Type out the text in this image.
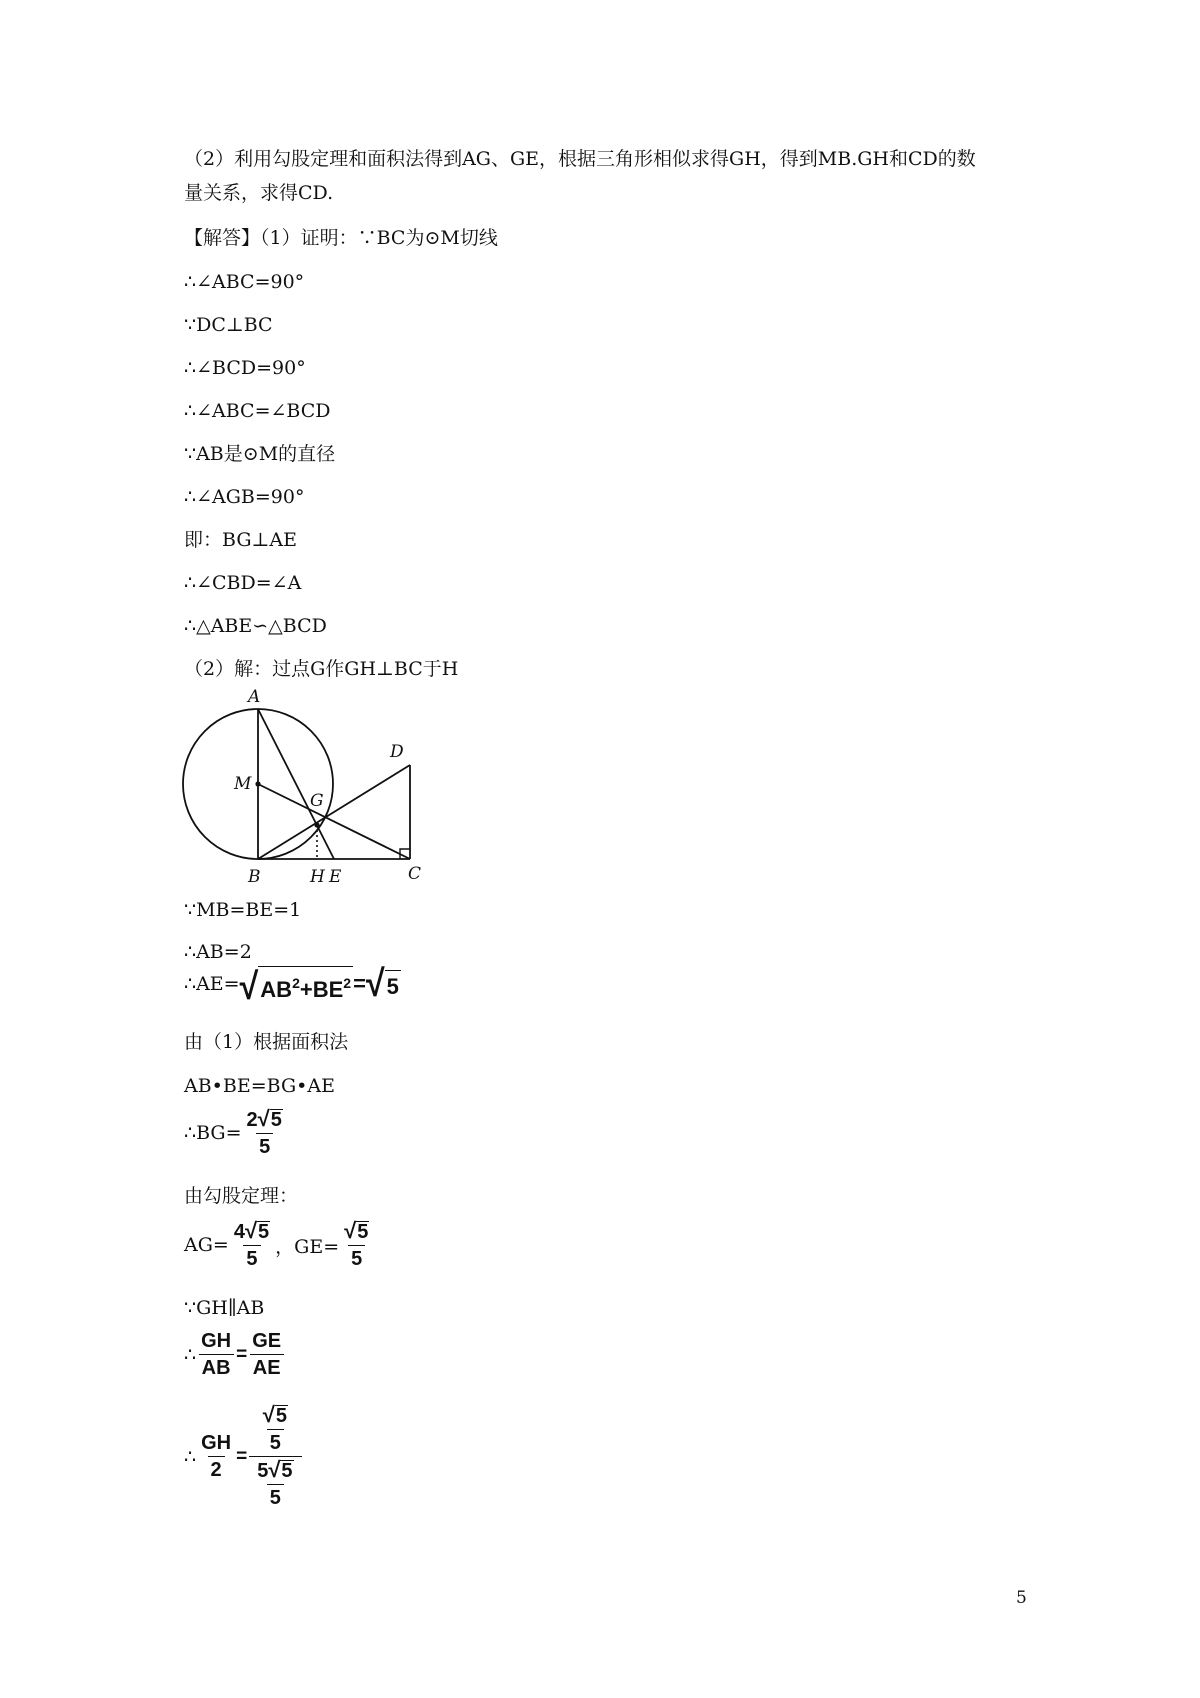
（2）利用勾股定理和面积法得到AG、GE，根据三角形相似求得GH，得到MB.GH和CD的数
量关系，求得CD.
【解答】（1）证明：∵BC为⊙M切线
∴∠ABC=90°
∵DC⊥BC
∴∠BCD=90°
∴∠ABC=∠BCD
∵AB是⊙M的直径
∴∠AGB=90°
即：BG⊥AE
∴∠CBD=∠A
∴△ABE∽△BCD
（2）解：过点G作GH⊥BC于H
A
M
G
D
B	H E	C
∵MB=BE=1
∴AB=2
∴AE= √ $AB^2+BE^2$ = √ 5
由（1）根据面积法
AB•BE=BG•AE
∴BG= $\frac{2 √ 5}{5}$
由勾股定理：
$AG= \frac{4 √ 5}{5}$ ，$GE= \frac{√ 5}{5}$
∵GH∥AB
∴ $\frac{GH}{AB} = \frac{GE}{AE}$
∴ $\frac{GH}{2} = \frac{\frac{√ 5}{5}}{\frac{5 √ 5}{5}}$
5
